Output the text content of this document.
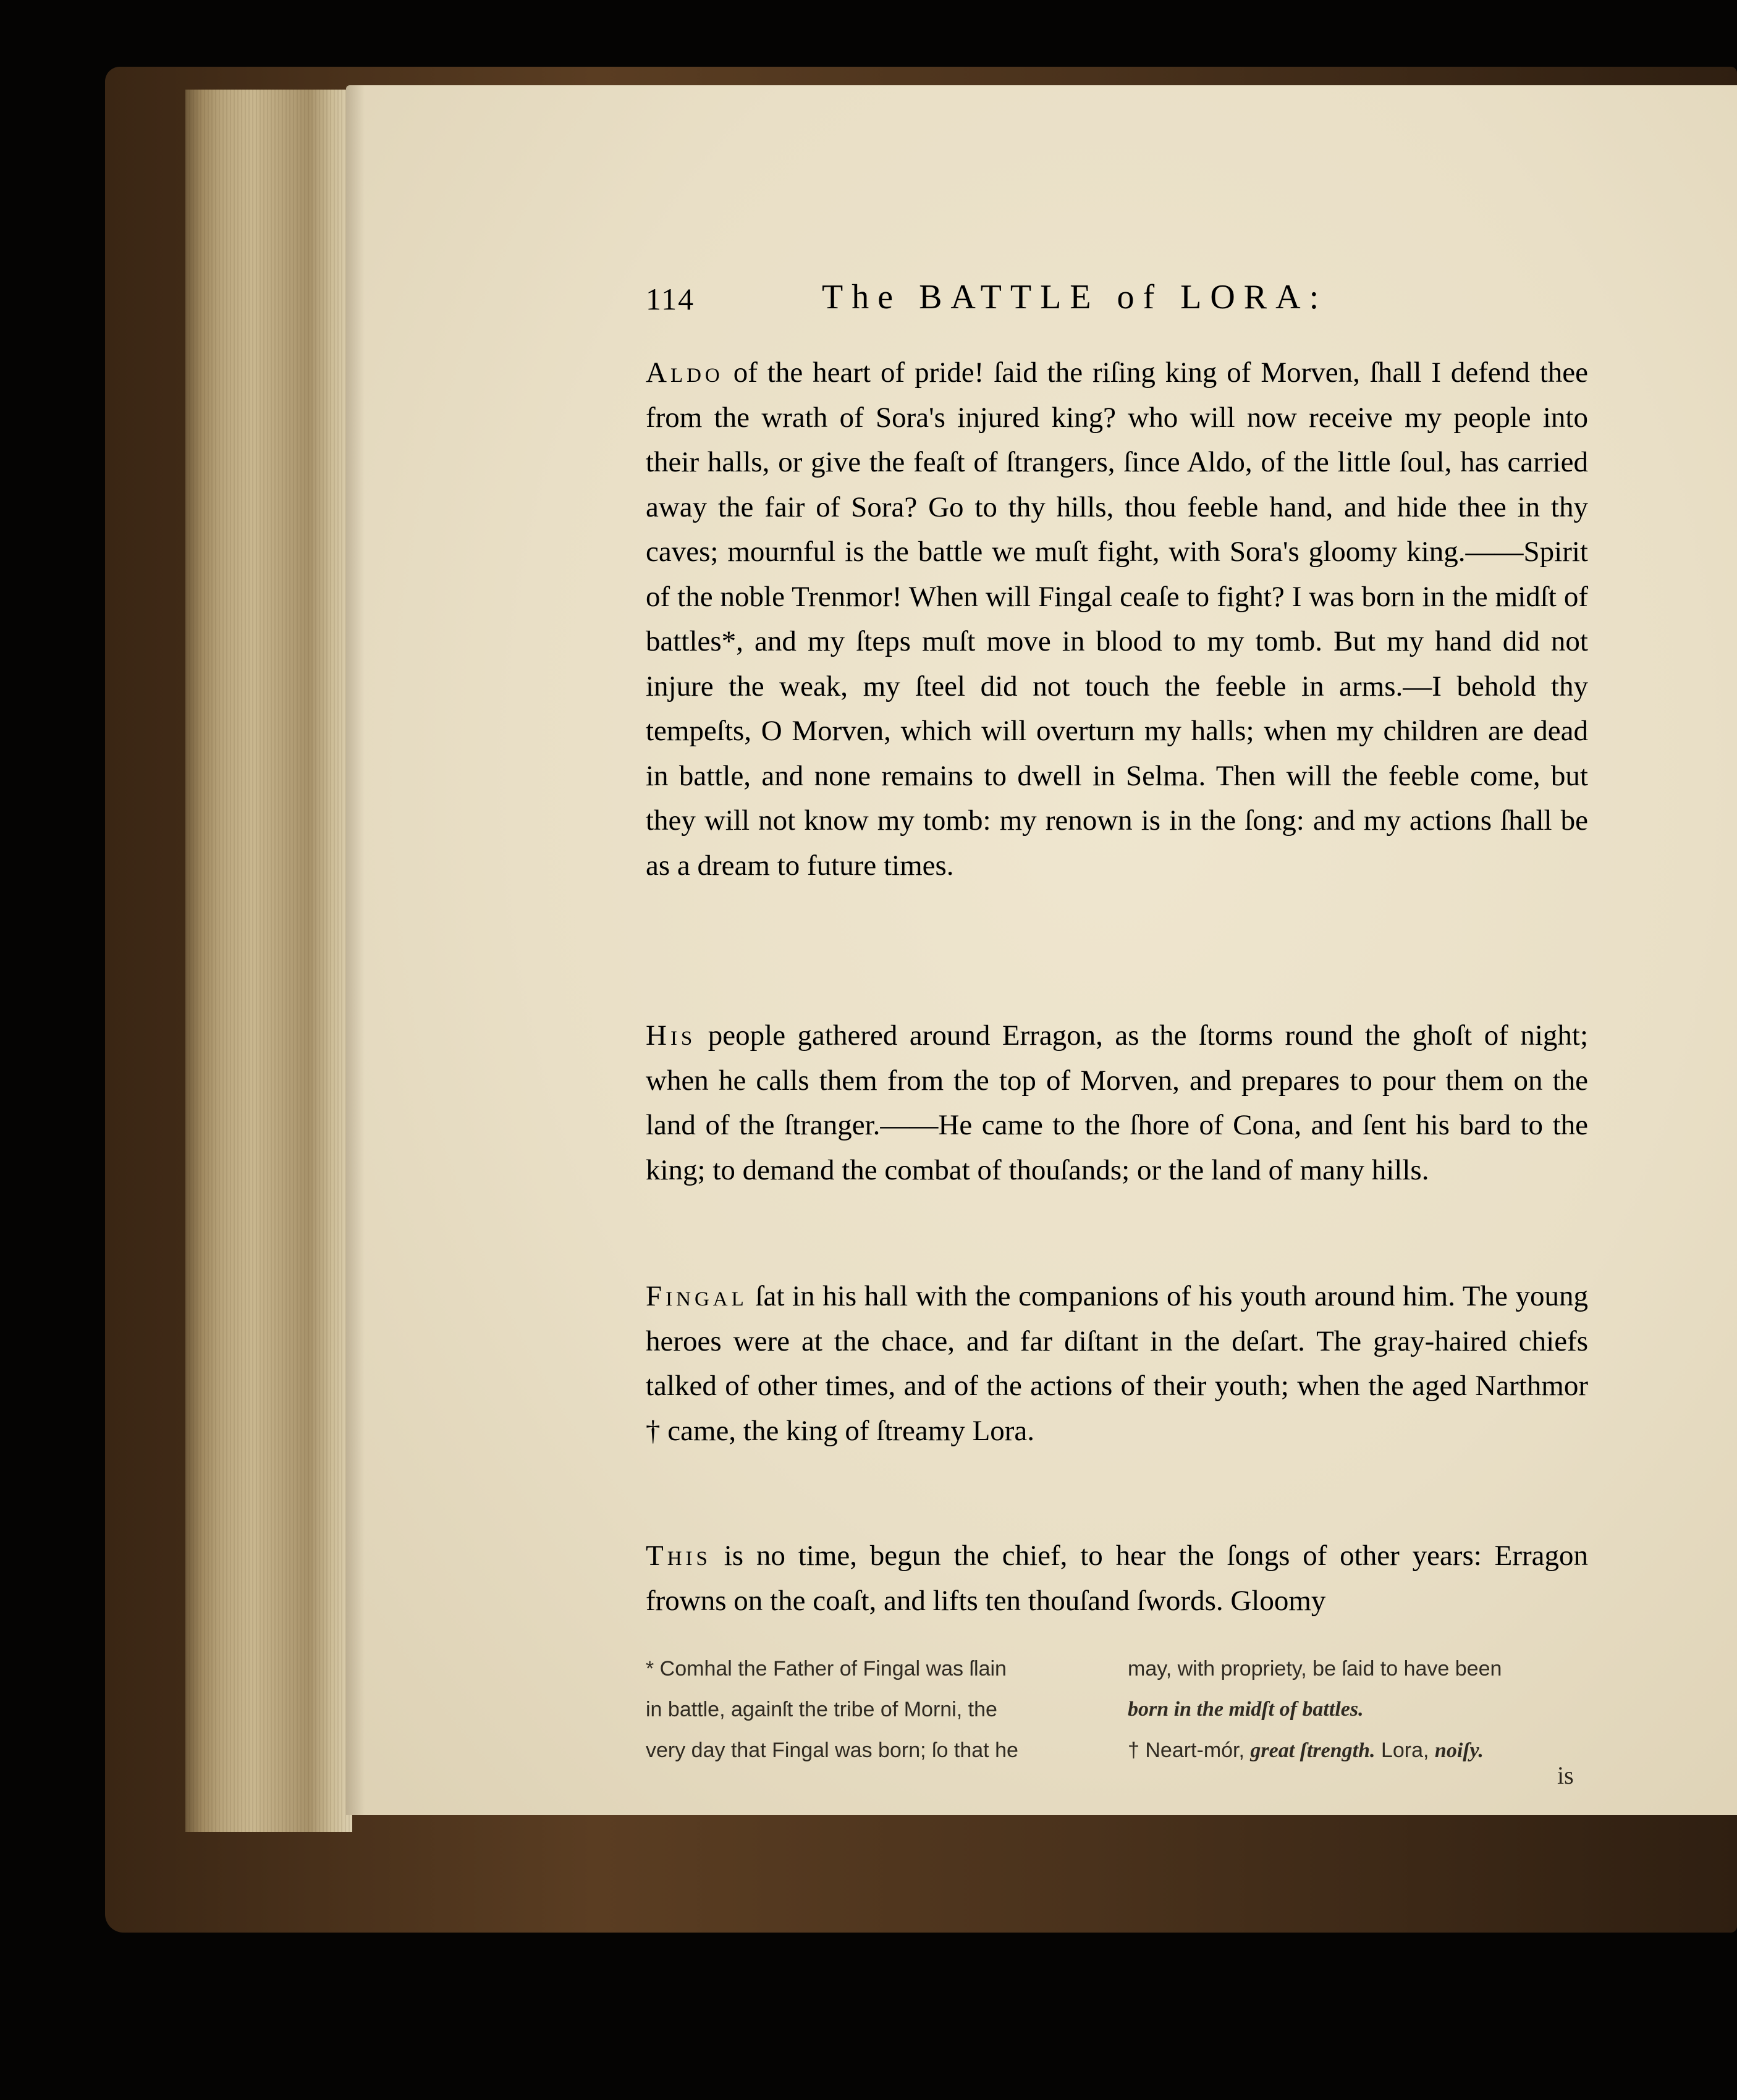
114	The BATTLE of LORA:

Aldo of the heart of pride! ſaid the riſing king of Morven, ſhall I defend thee from the wrath of Sora's injured king? who will now receive my people into their halls, or give the feaſt of ſtrangers, ſince Aldo, of the little ſoul, has carried away the fair of Sora? Go to thy hills, thou feeble hand, and hide thee in thy caves; mournful is the battle we muſt fight, with Sora's gloomy king.——Spirit of the noble Trenmor! When will Fingal ceaſe to fight? I was born in the midſt of battles*, and my ſteps muſt move in blood to my tomb. But my hand did not injure the weak, my ſteel did not touch the feeble in arms.—I behold thy tempeſts, O Morven, which will overturn my halls; when my children are dead in battle, and none remains to dwell in Selma. Then will the feeble come, but they will not know my tomb: my renown is in the ſong: and my actions ſhall be as a dream to future times.

His people gathered around Erragon, as the ſtorms round the ghoſt of night; when he calls them from the top of Morven, and prepares to pour them on the land of the ſtranger.——He came to the ſhore of Cona, and ſent his bard to the king; to demand the combat of thouſands; or the land of many hills.

Fingal ſat in his hall with the companions of his youth around him. The young heroes were at the chace, and far diſtant in the deſart. The gray-haired chiefs talked of other times, and of the actions of their youth; when the aged Narthmor † came, the king of ſtreamy Lora.

This is no time, begun the chief, to hear the ſongs of other years: Erragon frowns on the coaſt, and lifts ten thouſand ſwords. Gloomy

* Comhal the Father of Fingal was ſlain
in battle, againſt the tribe of Morni, the
very day that Fingal was born; ſo that he
may, with propriety, be ſaid to have been
born in the midſt of battles.
† Neart-mór, great ſtrength. Lora, noiſy.
is
